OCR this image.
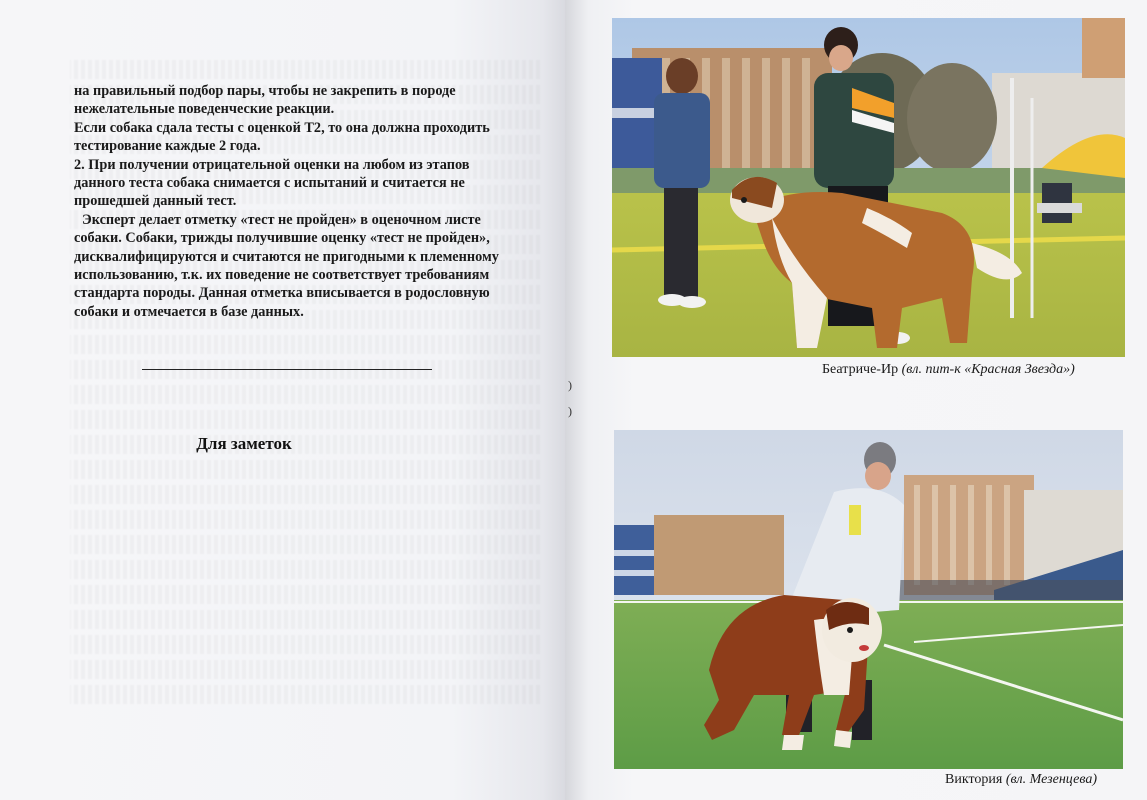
на правильный подбор пары, чтобы не закрепить в породе нежелательные поведенческие реакции.

Если собака сдала тесты с оценкой Т2, то она должна проходить тестирование каждые 2 года.

2. При получении отрицательной оценки на любом из этапов данного теста собака снимается с испытаний и считается не прошедшей данный тест.

Эксперт делает отметку «тест не пройден» в оценочном листе собаки. Собаки, трижды получившие оценку «тест не пройден», дисквалифицируются и считаются не пригодными к племенному использованию, т.к. их поведение не соответствует требованиям стандарта породы. Данная отметка вписывается в родословную собаки и отмечается в базе данных.

Для заметок
)
)
Беатриче-Ир (вл. пит-к «Красная Звезда»)
Виктория (вл. Мезенцева)
